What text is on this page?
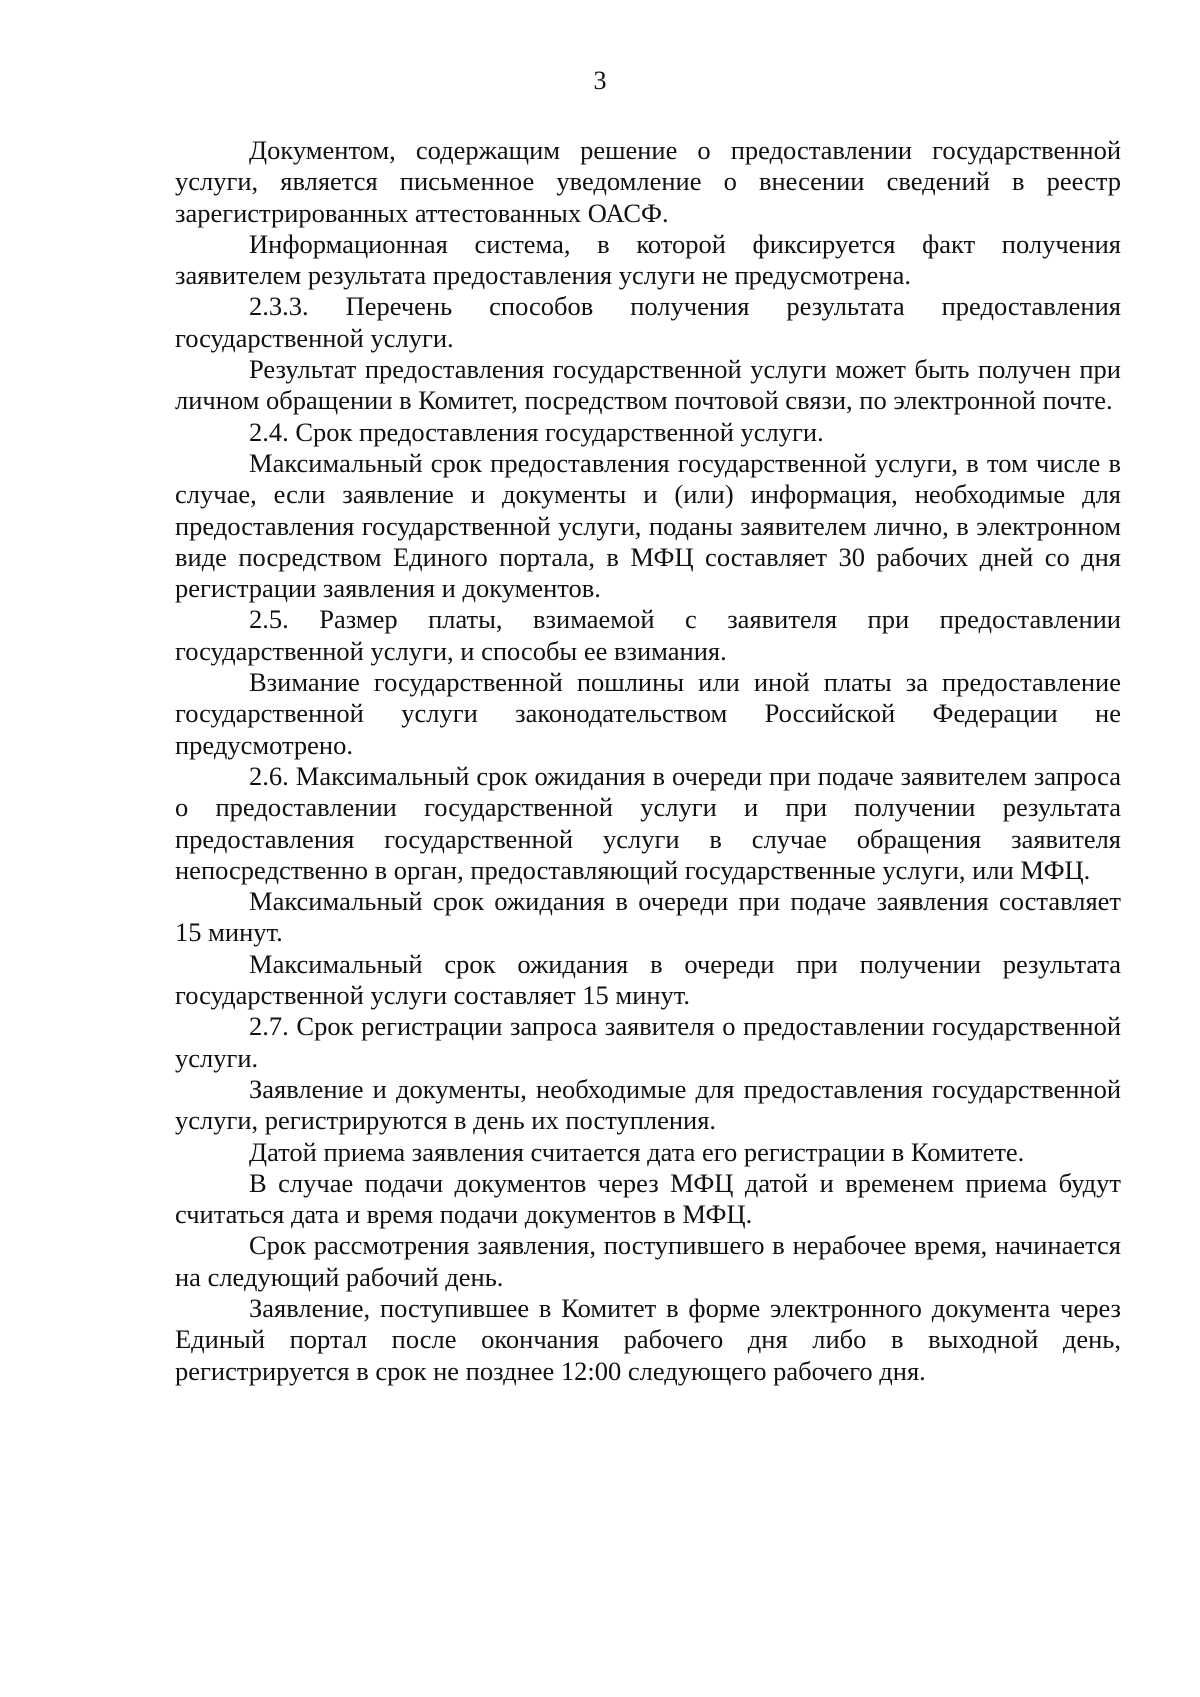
3

Документом, содержащим решение о предоставлении государственной услуги, является письменное уведомление о внесении сведений в реестр зарегистрированных аттестованных ОАСФ.

Информационная система, в которой фиксируется факт получения заявителем результата предоставления услуги не предусмотрена.

2.3.3. Перечень способов получения результата предоставления государственной услуги.

Результат предоставления государственной услуги может быть получен при личном обращении в Комитет, посредством почтовой связи, по электронной почте.

2.4. Срок предоставления государственной услуги.

Максимальный срок предоставления государственной услуги, в том числе в случае, если заявление и документы и (или) информация, необходимые для предоставления государственной услуги, поданы заявителем лично, в электронном виде посредством Единого портала, в МФЦ составляет 30 рабочих дней со дня регистрации заявления и документов.

2.5. Размер платы, взимаемой с заявителя при предоставлении государственной услуги, и способы ее взимания.

Взимание государственной пошлины или иной платы за предоставление государственной услуги законодательством Российской Федерации не предусмотрено.

2.6. Максимальный срок ожидания в очереди при подаче заявителем запроса о предоставлении государственной услуги и при получении результата предоставления государственной услуги в случае обращения заявителя непосредственно в орган, предоставляющий государственные услуги, или МФЦ.

Максимальный срок ожидания в очереди при подаче заявления составляет 15 минут.

Максимальный срок ожидания в очереди при получении результата государственной услуги составляет 15 минут.

2.7. Срок регистрации запроса заявителя о предоставлении государственной услуги.

Заявление и документы, необходимые для предоставления государственной услуги, регистрируются в день их поступления.

Датой приема заявления считается дата его регистрации в Комитете.

В случае подачи документов через МФЦ датой и временем приема будут считаться дата и время подачи документов в МФЦ.

Срок рассмотрения заявления, поступившего в нерабочее время, начинается на следующий рабочий день.

Заявление, поступившее в Комитет в форме электронного документа через Единый портал после окончания рабочего дня либо в выходной день, регистрируется в срок не позднее 12:00 следующего рабочего дня.
